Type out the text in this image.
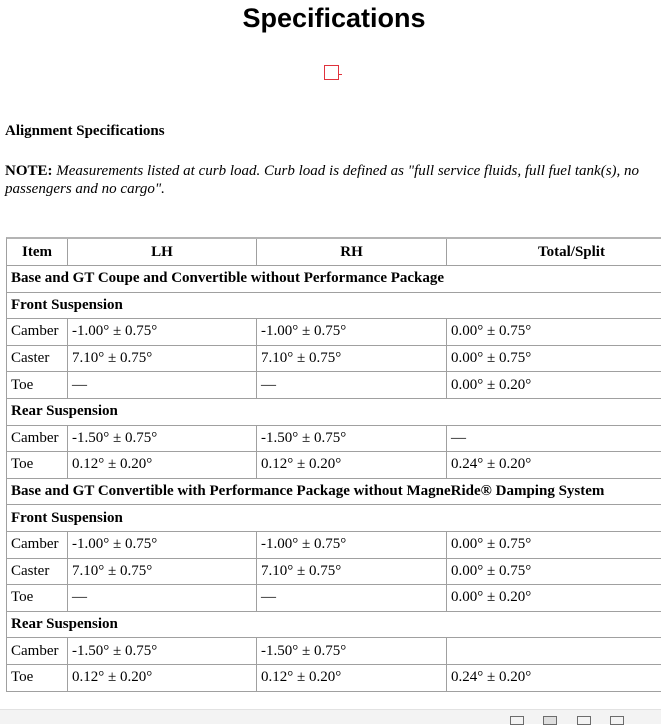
Specifications
Alignment Specifications
NOTE: Measurements listed at curb load. Curb load is defined as "full service fluids, full fuel tank(s), no passengers and no cargo".
Item	LH	RH	Total/Split
Base and GT Coupe and Convertible without Performance Package			
Front Suspension			
Camber	-1.00° ± 0.75°	-1.00° ± 0.75°	0.00° ± 0.75°
Caster	7.10° ± 0.75°	7.10° ± 0.75°	0.00° ± 0.75°
Toe	—	—	0.00° ± 0.20°
Rear Suspension			
Camber	-1.50° ± 0.75°	-1.50° ± 0.75°	—
Toe	0.12° ± 0.20°	0.12° ± 0.20°	0.24° ± 0.20°
Base and GT Convertible with Performance Package without MagneRide® Damping System			
Front Suspension			
Camber	-1.00° ± 0.75°	-1.00° ± 0.75°	0.00° ± 0.75°
Caster	7.10° ± 0.75°	7.10° ± 0.75°	0.00° ± 0.75°
Toe	—	—	0.00° ± 0.20°
Rear Suspension			
Camber	-1.50° ± 0.75°	-1.50° ± 0.75°	
Toe	0.12° ± 0.20°	0.12° ± 0.20°	0.24° ± 0.20°
